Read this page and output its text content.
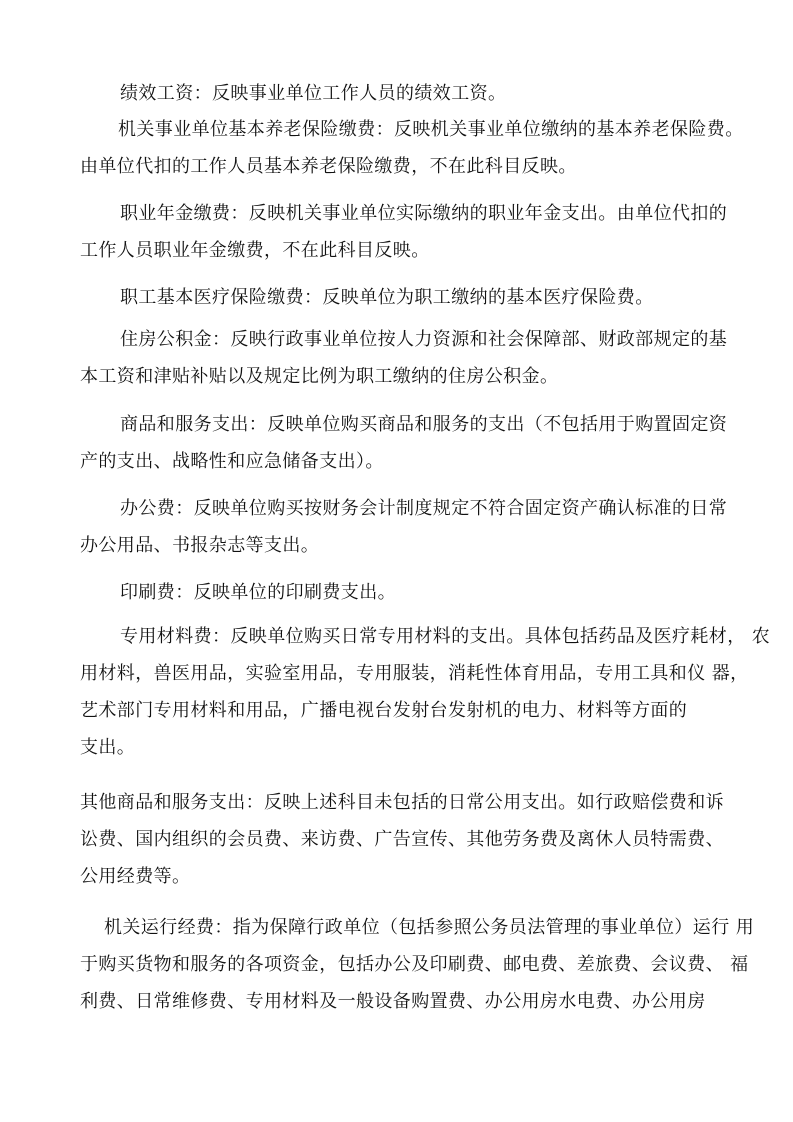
绩效工资：反映事业单位工作人员的绩效工资。
机关事业单位基本养老保险缴费：反映机关事业单位缴纳的基本养老保险费。
由单位代扣的工作人员基本养老保险缴费，不在此科目反映。
职业年金缴费：反映机关事业单位实际缴纳的职业年金支出。由单位代扣的
工作人员职业年金缴费，不在此科目反映。
职工基本医疗保险缴费：反映单位为职工缴纳的基本医疗保险费。
住房公积金：反映行政事业单位按人力资源和社会保障部、财政部规定的基
本工资和津贴补贴以及规定比例为职工缴纳的住房公积金。
商品和服务支出：反映单位购买商品和服务的支出（不包括用于购置固定资
产的支出、战略性和应急储备支出）。
办公费：反映单位购买按财务会计制度规定不符合固定资产确认标准的日常
办公用品、书报杂志等支出。
印刷费：反映单位的印刷费支出。
专用材料费：反映单位购买日常专用材料的支出。具体包括药品及医疗耗材， 农
用材料，兽医用品，实验室用品，专用服装，消耗性体育用品，专用工具和仪 器，
艺术部门专用材料和用品，广播电视台发射台发射机的电力、材料等方面的
支出。
其他商品和服务支出：反映上述科目未包括的日常公用支出。如行政赔偿费和诉
讼费、国内组织的会员费、来访费、广告宣传、其他劳务费及离休人员特需费、
公用经费等。
机关运行经费：指为保障行政单位（包括参照公务员法管理的事业单位）运行 用
于购买货物和服务的各项资金，包括办公及印刷费、邮电费、差旅费、会议费、 福
利费、日常维修费、专用材料及一般设备购置费、办公用房水电费、办公用房
